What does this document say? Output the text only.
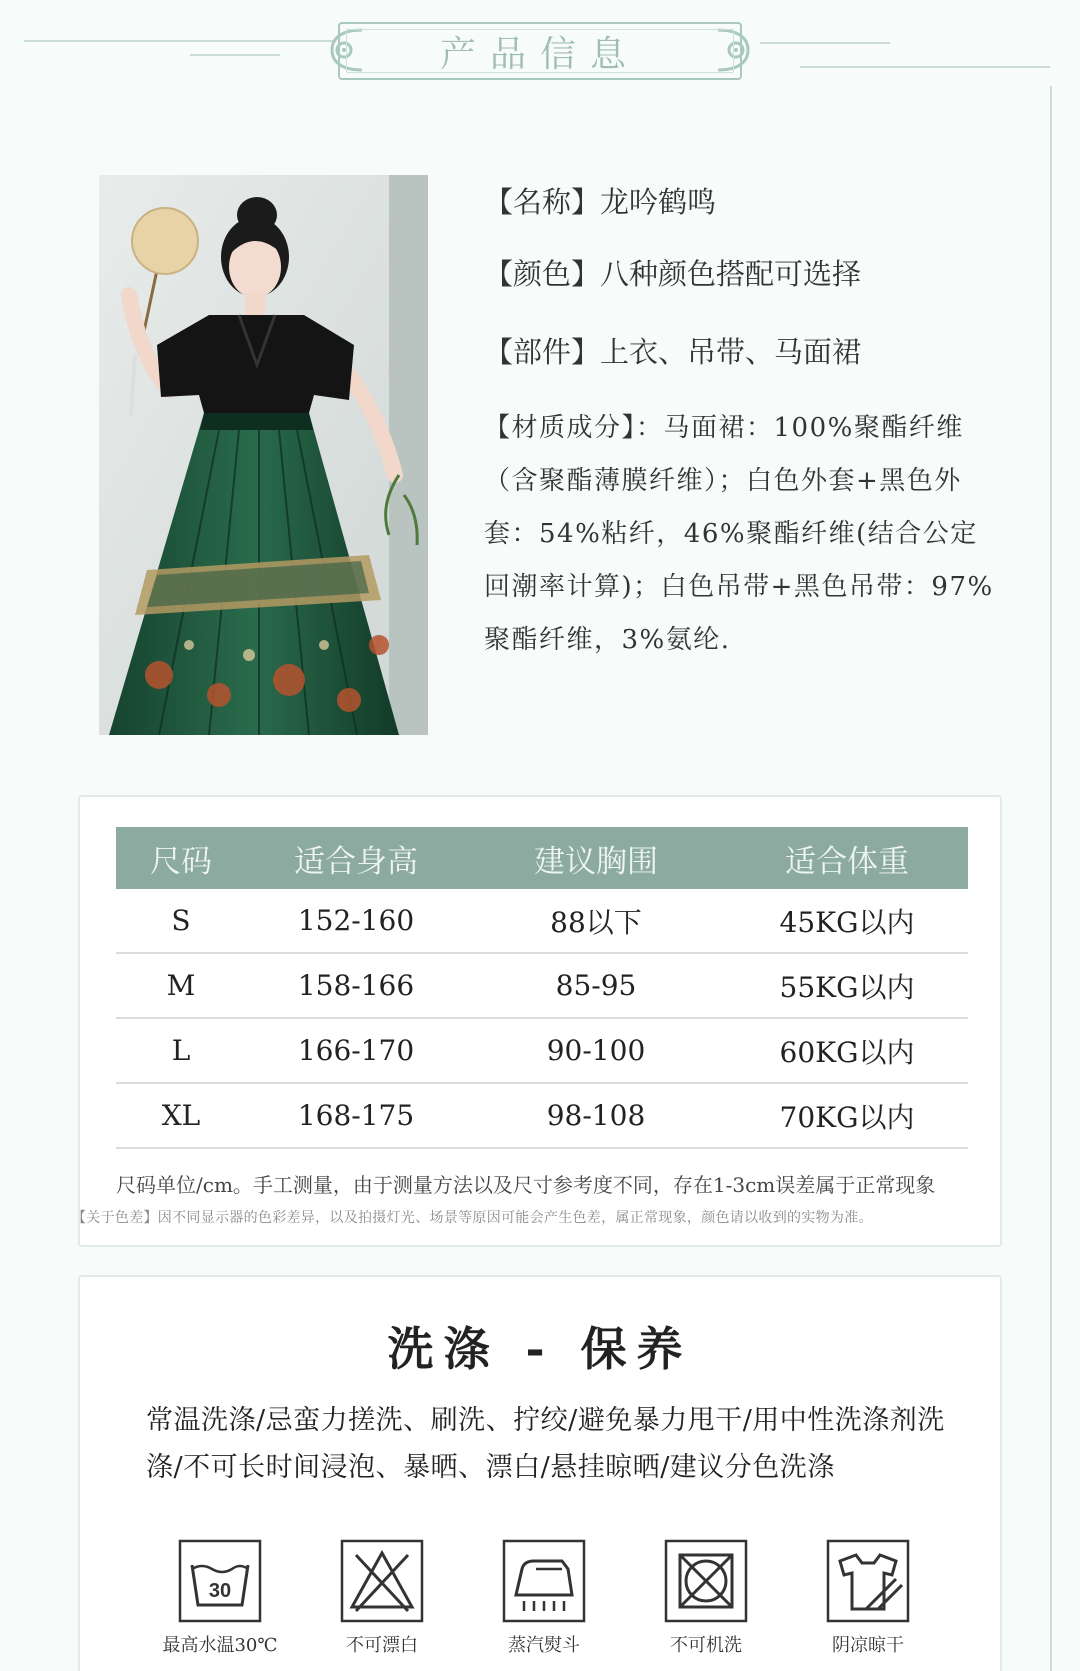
产品信息
【名称】龙吟鹤鸣
【颜色】八种颜色搭配可选择
【部件】上衣、吊带、马面裙
【材质成分】：马面裙：100%聚酯纤维（含聚酯薄膜纤维）；白色外套+黑色外套：54%粘纤，46%聚酯纤维(结合公定回潮率计算)；白色吊带+黑色吊带：97%聚酯纤维，3%氨纶.
尺码	适合身高	建议胸围	适合体重
S	152-160	88以下	45KG以内
M	158-166	85-95	55KG以内
L	166-170	90-100	60KG以内
XL	168-175	98-108	70KG以内
尺码单位/cm。手工测量，由于测量方法以及尺寸参考度不同，存在1-3cm误差属于正常现象
【关于色差】因不同显示器的色彩差异，以及拍摄灯光、场景等原因可能会产生色差，属正常现象，颜色请以收到的实物为准。
洗涤 - 保养
常温洗涤/忌蛮力搓洗、刷洗、拧绞/避免暴力甩干/用中性洗涤剂洗涤/不可长时间浸泡、暴晒、漂白/悬挂晾晒/建议分色洗涤
30
最高水温30℃	不可漂白	蒸汽熨斗	不可机洗	阴凉晾干
